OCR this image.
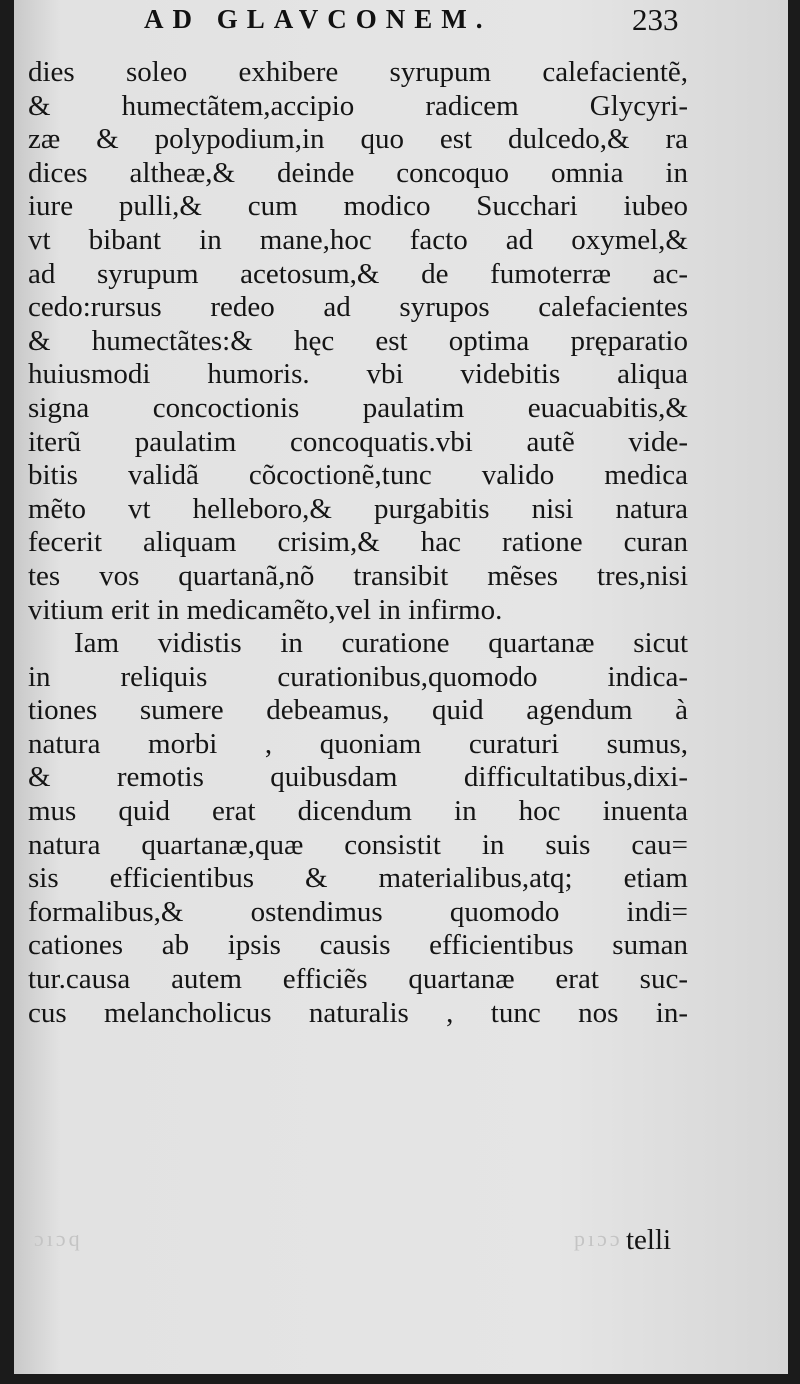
AD GLAVCONEM.	233
dies soleo exhibere syrupum calefacientẽ,
& humectãtem,accipio radicem Glycyri-
zæ & polypodium,in quo est dulcedo,& ra
dices altheæ,& deinde concoquo omnia in
iure pulli,& cum modico Succhari iubeo
vt bibant in mane,hoc facto ad oxymel,&
ad syrupum acetosum,& de fumoterræ ac-
cedo:rursus redeo ad syrupos calefacientes
& humectãtes:& hęc est optima pręparatio
huiusmodi humoris. vbi videbitis aliqua
signa concoctionis paulatim euacuabitis,&
iterũ paulatim concoquatis.vbi autẽ vide-
bitis validã cõcoctionẽ,tunc valido medica
mẽto vt helleboro,& purgabitis nisi natura
fecerit aliquam crisim,& hac ratione curan
tes vos quartanã,nõ transibit mẽses tres,nisi
vitium erit in medicamẽto,vel in infirmo.
Iam vidistis in curatione quartanæ sicut
in reliquis curationibus,quomodo indica-
tiones sumere debeamus, quid agendum à
natura morbi , quoniam curaturi sumus,
& remotis quibusdam difficultatibus,dixi-
mus quid erat dicendum in hoc inuenta
natura quartanæ,quæ consistit in suis cau=
sis efficientibus & materialibus,atq; etiam
formalibus,& ostendimus quomodo indi=
cationes ab ipsis causis efficientibus suman
tur.causa autem efficiẽs quartanæ erat suc-
cus melancholicus naturalis , tunc nos in-
ɔıɔq	pıɔɔ telli
